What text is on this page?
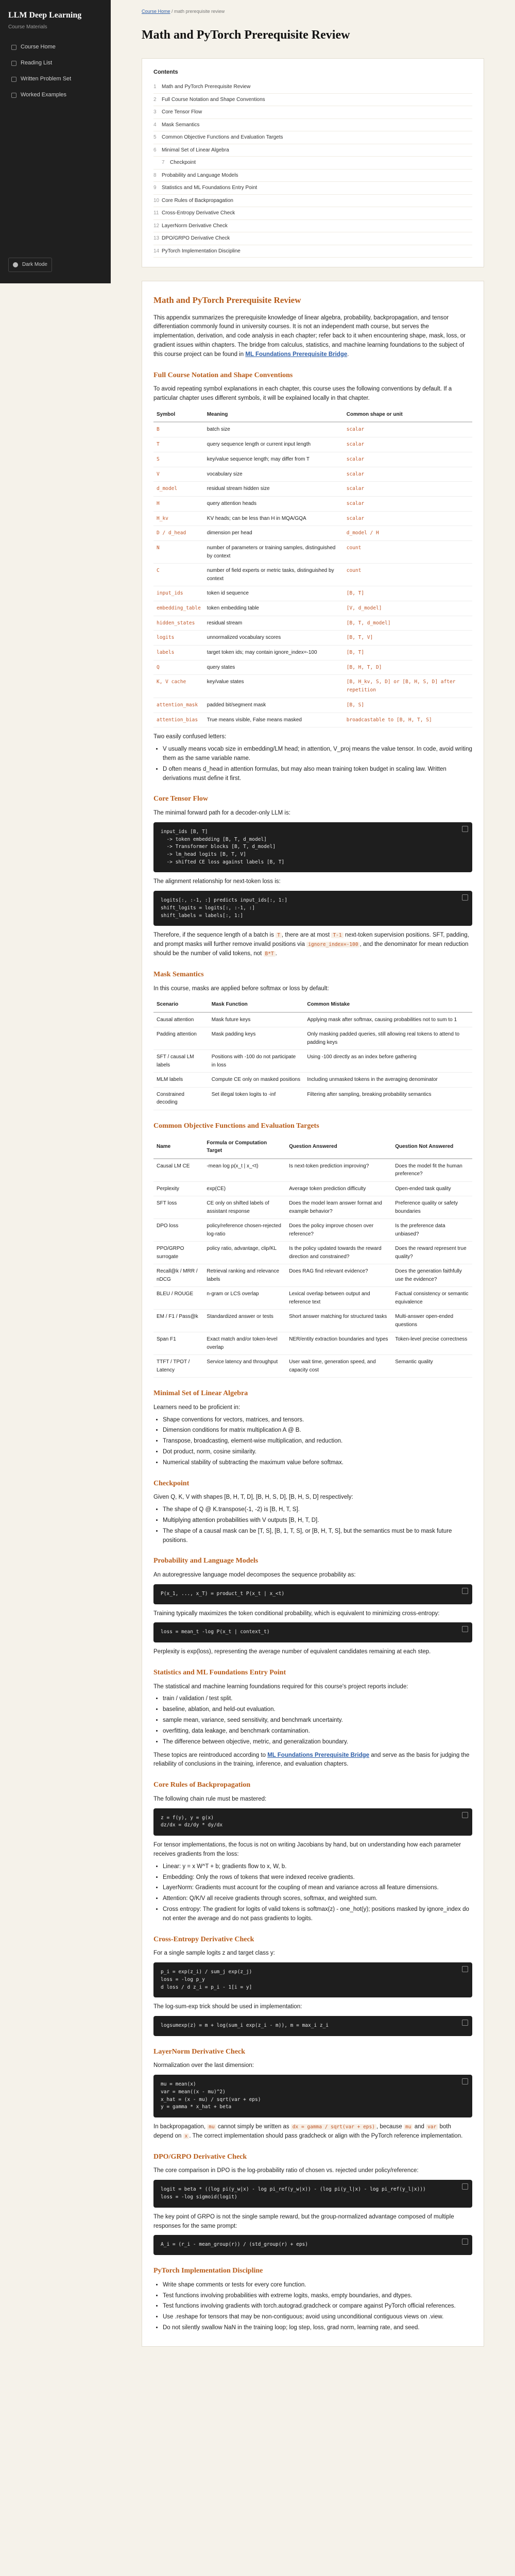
LLM Deep Learning
Course Materials
Course Home
Reading List
Written Problem Set
Worked Examples
Dark Mode
Course Home / math prerequisite review
Math and PyTorch Prerequisite Review
Contents
1 Math and PyTorch Prerequisite Review
2 Full Course Notation and Shape Conventions
3 Core Tensor Flow
4 Mask Semantics
5 Common Objective Functions and Evaluation Targets
6 Minimal Set of Linear Algebra
7 Checkpoint
8 Probability and Language Models
9 Statistics and ML Foundations Entry Point
10 Core Rules of Backpropagation
11 Cross-Entropy Derivative Check
12 LayerNorm Derivative Check
13 DPO/GRPO Derivative Check
14 PyTorch Implementation Discipline
Math and PyTorch Prerequisite Review

This appendix summarizes the prerequisite knowledge of linear algebra, probability, backpropagation, and tensor differentiation commonly found in university courses. It is not an independent math course, but serves the implementation, derivation, and code analysis in each chapter; refer back to it when encountering shape, mask, loss, or gradient issues within chapters. The bridge from calculus, statistics, and machine learning foundations to the subject of this course project can be found in ML Foundations Prerequisite Bridge.

Full Course Notation and Shape Conventions

To avoid repeating symbol explanations in each chapter, this course uses the following conventions by default. If a particular chapter uses different symbols, it will be explained locally in that chapter.

Symbol	Meaning	Common shape or unit
B	batch size	scalar
T	query sequence length or current input length	scalar
S	key/value sequence length; may differ from T	scalar
V	vocabulary size	scalar
d_model	residual stream hidden size	scalar
H	query attention heads	scalar
H_kv	KV heads; can be less than H in MQA/GQA	scalar
D / d_head	dimension per head	d_model / H
N	number of parameters or training samples, distinguished by context	count
C	number of field experts or metric tasks, distinguished by context	count
input_ids	token id sequence	[B, T]
embedding_table	token embedding table	[V, d_model]
hidden_states	residual stream	[B, T, d_model]
logits	unnormalized vocabulary scores	[B, T, V]
labels	target token ids; may contain ignore_index=-100	[B, T]
Q	query states	[B, H, T, D]
K, V cache	key/value states	[B, H_kv, S, D] or [B, H, S, D] after repetition
attention_mask	padded bit/segment mask	[B, S]
attention_bias	True means visible, False means masked	broadcastable to [B, H, T, S]

Two easily confused letters:

• V usually means vocab size in embedding/LM head; in attention, V_proj means the value tensor. In code, avoid writing them as the same variable name.
• D often means d_head in attention formulas, but may also mean training token budget in scaling law. Written derivations must define it first.
Core Tensor Flow

The minimal forward path for a decoder-only LLM is:

input_ids [B, T]
-> token embedding [B, T, d_model]
-> Transformer blocks [B, T, d_model]
-> lm_head logits [B, T, V]
-> shifted CE loss against labels [B, T]

The alignment relationship for next-token loss is:

logits[:, :-1, :] predicts input_ids[:, 1:]
shift_logits = logits[:, :-1, :]
shift_labels = labels[:, 1:]

Therefore, if the sequence length of a batch is T , there are at most T-1 next-token supervision positions. SFT, padding, and prompt masks will further remove invalid positions via ignore_index=-100 , and the denominator for mean reduction should be the number of valid tokens, not B*T .

Mask Semantics

In this course, masks are applied before softmax or loss by default:

Scenario	Mask Function	Common Mistake
Causal attention	Mask future keys	Applying mask after softmax, causing probabilities not to sum to 1
Padding attention	Mask padding keys	Only masking padded queries, still allowing real tokens to attend to padding keys
SFT / causal LM labels	Positions with -100 do not participate in loss	Using -100 directly as an index before gathering
MLM labels	Compute CE only on masked positions	Including unmasked tokens in the averaging denominator
Constrained decoding	Set illegal token logits to -inf	Filtering after sampling, breaking probability semantics
Common Objective Functions and Evaluation Targets
Name	Formula or Computation Target	Question Answered	Question Not Answered
Causal LM CE	-mean log p(x_t | x_<t)	Is next-token prediction improving?	Does the model fit the human preference?
Perplexity	exp(CE)	Average token prediction difficulty	Open-ended task quality
SFT loss	CE only on shifted labels of assistant response	Does the model learn answer format and example behavior?	Preference quality or safety boundaries
DPO loss	policy/reference chosen-rejected log-ratio	Does the policy improve chosen over reference?	Is the preference data unbiased?
PPO/GRPO surrogate	policy ratio, advantage, clip/KL	Is the policy updated towards the reward direction and constrained?	Does the reward represent true quality?
Recall@k / MRR / nDCG	Retrieval ranking and relevance labels	Does RAG find relevant evidence?	Does the generation faithfully use the evidence?
BLEU / ROUGE	n-gram or LCS overlap	Lexical overlap between output and reference text	Factual consistency or semantic equivalence
EM / F1 / Pass@k	Standardized answer or tests	Short answer matching for structured tasks	Multi-answer open-ended questions
Span F1	Exact match and/or token-level overlap	NER/entity extraction boundaries and types	Token-level precise correctness
TTFT / TPOT / Latency	Service latency and throughput	User wait time, generation speed, and capacity cost	Semantic quality
Minimal Set of Linear Algebra

Learners need to be proficient in:

• Shape conventions for vectors, matrices, and tensors.
• Dimension conditions for matrix multiplication A @ B.
• Transpose, broadcasting, element-wise multiplication, and reduction.
• Dot product, norm, cosine similarity.
• Numerical stability of subtracting the maximum value before softmax.
Checkpoint

Given Q, K, V with shapes [B, H, T, D], [B, H, S, D], [B, H, S, D] respectively:

• The shape of Q @ K.transpose(-1, -2) is [B, H, T, S].
• Multiplying attention probabilities with V outputs [B, H, T, D].
• The shape of a causal mask can be [T, S], [B, 1, T, S], or [B, H, T, S], but the semantics must be to mask future positions.
Probability and Language Models

An autoregressive language model decomposes the sequence probability as:

P(x_1, ..., x_T) = product_t P(x_t | x_<t)

Training typically maximizes the token conditional probability, which is equivalent to minimizing cross-entropy:

loss = mean_t -log P(x_t | context_t)

Perplexity is exp(loss), representing the average number of equivalent candidates remaining at each step.

Statistics and ML Foundations Entry Point

The statistical and machine learning foundations required for this course's project reports include:

• train / validation / test split.
• baseline, ablation, and held-out evaluation.
• sample mean, variance, seed sensitivity, and benchmark uncertainty.
• overfitting, data leakage, and benchmark contamination.
• The difference between objective, metric, and generalization boundary.

These topics are reintroduced according to ML Foundations Prerequisite Bridge and serve as the basis for judging the reliability of conclusions in the training, inference, and evaluation chapters.

Core Rules of Backpropagation

The following chain rule must be mastered:

z = f(y), y = g(x)
dz/dx = dz/dy * dy/dx

For tensor implementations, the focus is not on writing Jacobians by hand, but on understanding how each parameter receives gradients from the loss:

• Linear: y = x W^T + b; gradients flow to x, W, b.
• Embedding: Only the rows of tokens that were indexed receive gradients.
• LayerNorm: Gradients must account for the coupling of mean and variance across all feature dimensions.
• Attention: Q/K/V all receive gradients through scores, softmax, and weighted sum.
• Cross entropy: The gradient for logits of valid tokens is softmax(z) - one_hot(y); positions masked by ignore_index do not enter the average and do not pass gradients to logits.
Cross-Entropy Derivative Check

For a single sample logits z and target class y:

p_i = exp(z_i) / sum_j exp(z_j)
loss = -log p_y
d loss / d z_i = p_i - 1[i = y]

The log-sum-exp trick should be used in implementation:

logsumexp(z) = m + log(sum_i exp(z_i - m)), m = max_i z_i
LayerNorm Derivative Check

Normalization over the last dimension:

mu = mean(x)
var = mean((x - mu)^2)
x_hat = (x - mu) / sqrt(var + eps)
y = gamma * x_hat + beta

In backpropagation, mu cannot simply be written as dx = gamma / sqrt(var + eps) , because mu and var both depend on x . The correct implementation should pass gradcheck or align with the PyTorch reference implementation.

DPO/GRPO Derivative Check

The core comparison in DPO is the log-probability ratio of chosen vs. rejected under policy/reference:

logit = beta * ((log pi(y_w|x) - log pi_ref(y_w|x)) - (log pi(y_l|x) - log pi_ref(y_l|x)))
loss = -log sigmoid(logit)

The key point of GRPO is not the single sample reward, but the group-normalized advantage composed of multiple responses for the same prompt:

A_i = (r_i - mean_group(r)) / (std_group(r) + eps)
PyTorch Implementation Discipline
• Write shape comments or tests for every core function.
• Test functions involving probabilities with extreme logits, masks, empty boundaries, and dtypes.
• Test functions involving gradients with torch.autograd.gradcheck or compare against PyTorch official references.
• Use .reshape for tensors that may be non-contiguous; avoid using unconditional contiguous views on .view.
• Do not silently swallow NaN in the training loop; log step, loss, grad norm, learning rate, and seed.
